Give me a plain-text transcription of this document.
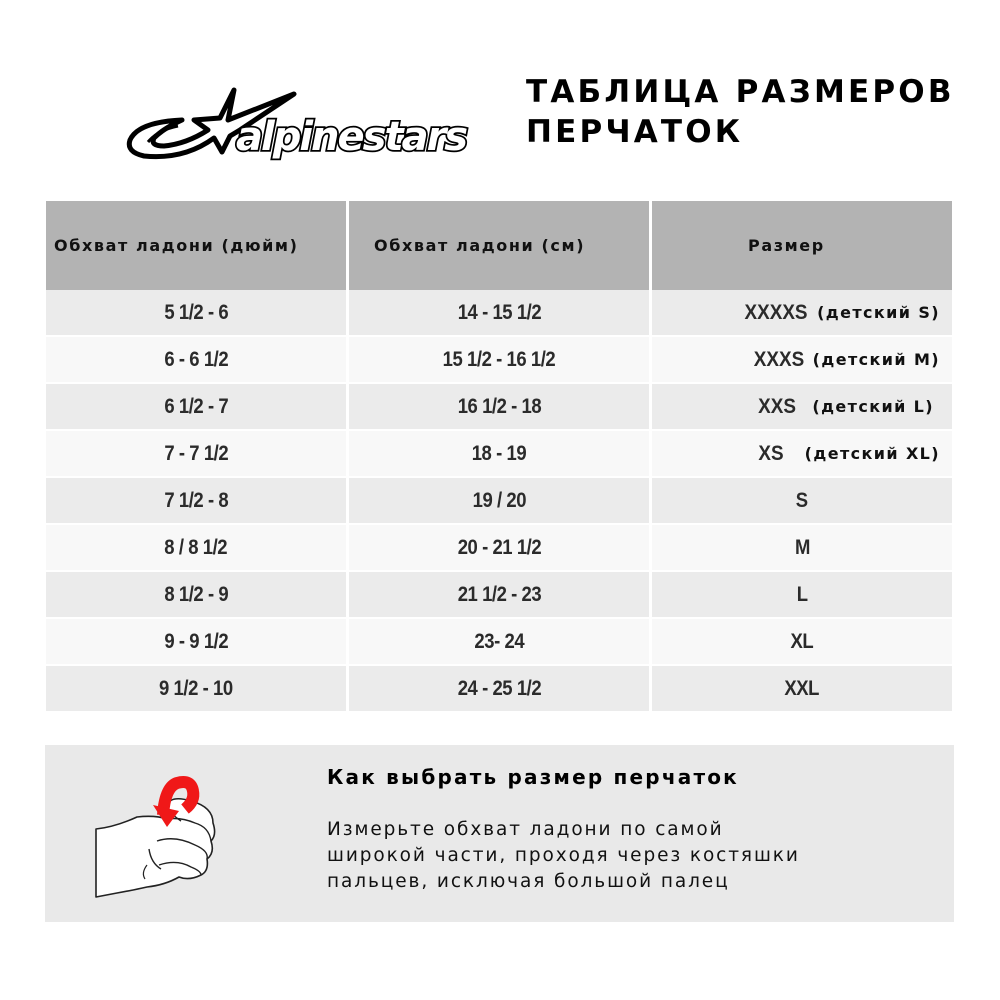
alpinestars
ТАБЛИЦА РАЗМЕРОВ
ПЕРЧАТОК
Обхват ладони (дюйм)	Обхват ладони (см)	Размер
5 1/2 - 6	14 - 15 1/2	XXXXS (детский S)
6 - 6 1/2	15 1/2 - 16 1/2	XXXS (детский M)
6 1/2 - 7	16 1/2 - 18	XXS (детский L)
7 - 7 1/2	18 - 19	XS (детский XL)
7 1/2 - 8	19 / 20	S
8 / 8 1/2	20 - 21 1/2	M
8 1/2 - 9	21 1/2 - 23	L
9 - 9 1/2	23- 24	XL
9 1/2 - 10	24 - 25 1/2	XXL
Как выбрать размер перчаток

Измерьте обхват ладони по самой
широкой части, проходя через костяшки
пальцев, исключая большой палец
